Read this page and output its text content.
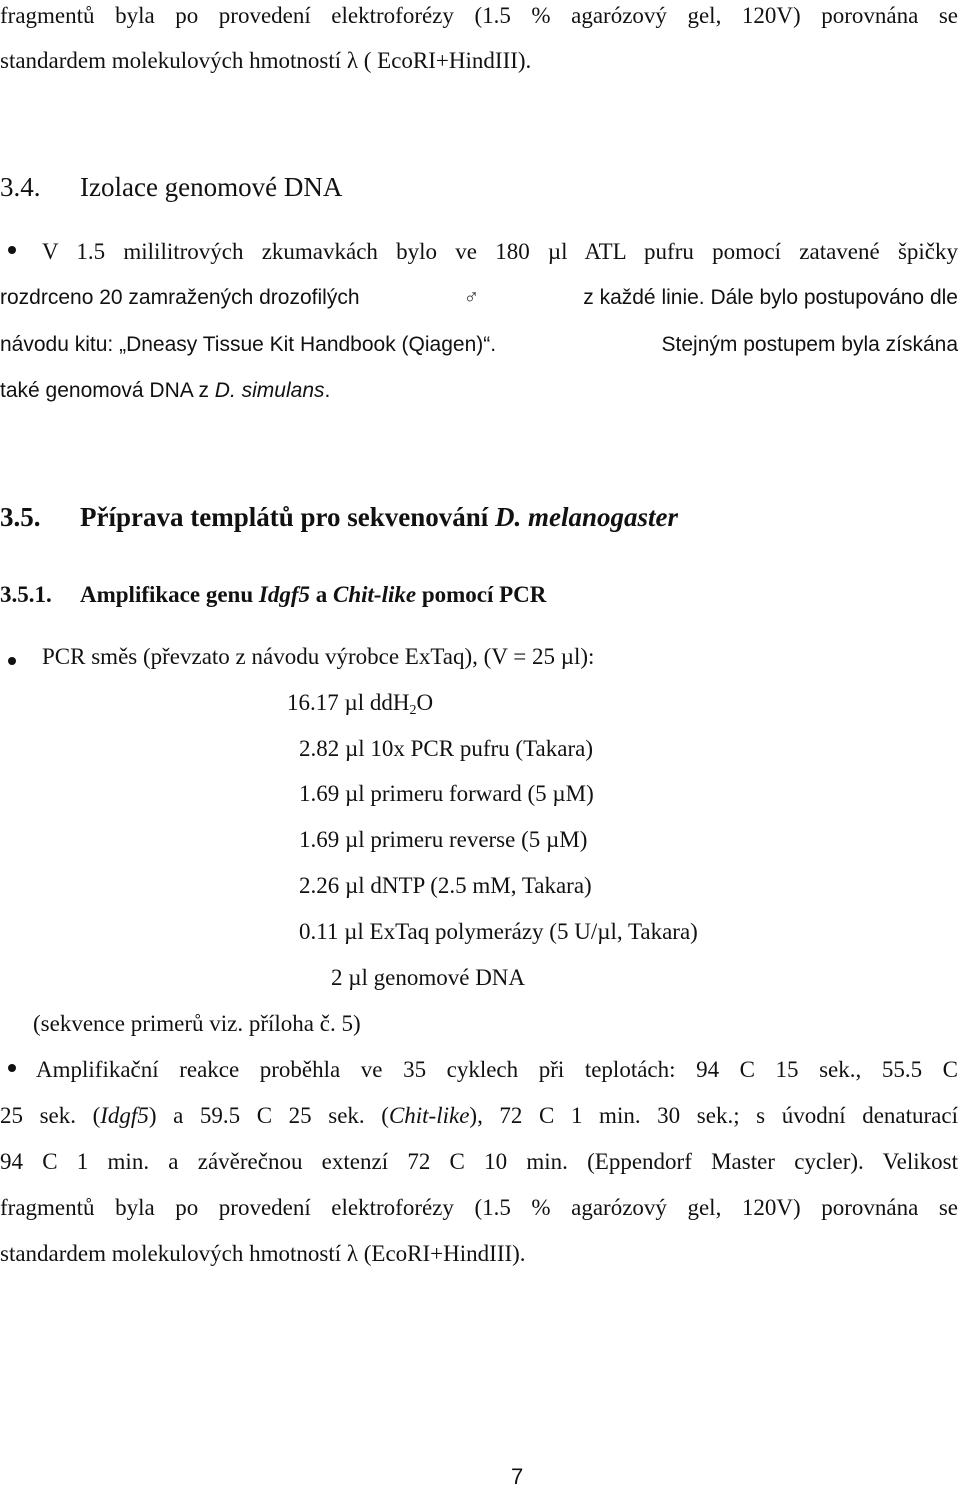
fragmentů byla po provedení elektroforézy (1.5 % agarózový gel, 120V) porovnána se
standardem molekulových hmotností λ ( EcoRI+HindIII).
3.4. Izolace genomové DNA
V 1.5 mililitrových zkumavkách bylo ve 180 µl ATL pufru pomocí zatavené špičky
rozdrceno 20 zamražených drozofilých	♂	z každé linie. Dále bylo postupováno dle
návodu kitu: „Dneasy Tissue Kit Handbook (Qiagen)“.	Stejným postupem byla získána
také genomová DNA z D. simulans.
3.5. Příprava templátů pro sekvenování D. melanogaster
3.5.1. Amplifikace genu Idgf5 a Chit-like pomocí PCR
PCR směs (převzato z návodu výrobce ExTaq), (V = 25 µl):
16.17 µl ddH$_2$O
2.82 µl 10x PCR pufru (Takara)
1.69 µl primeru forward (5 µM)
1.69 µl primeru reverse (5 µM)
2.26 µl dNTP (2.5 mM, Takara)
0.11 µl ExTaq polymerázy (5 U/µl, Takara)
2 µl genomové DNA
(sekvence primerů viz. příloha č. 5)
Amplifikační reakce proběhla ve 35 cyklech při teplotách: 94 C 15 sek., 55.5 C
25 sek. (Idgf5) a 59.5 C 25 sek. (Chit-like), 72 C 1 min. 30 sek.; s úvodní denaturací
94 C 1 min. a závěrečnou extenzí 72 C 10 min. (Eppendorf Master cycler). Velikost
fragmentů byla po provedení elektroforézy (1.5 % agarózový gel, 120V) porovnána se
standardem molekulových hmotností λ (EcoRI+HindIII).
7
